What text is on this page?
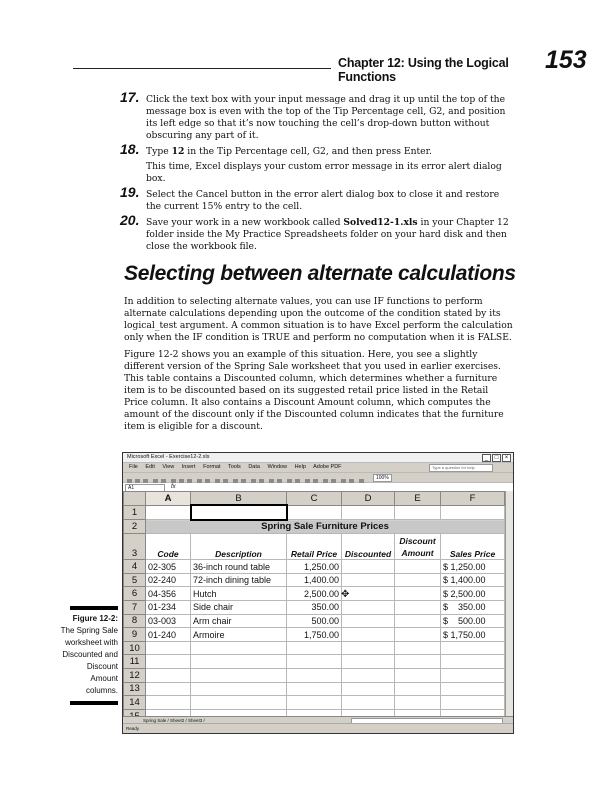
Chapter 12: Using the Logical Functions
153
17. Click the text box with your input message and drag it up until the top of the message box is even with the top of the Tip Percentage cell, G2, and position its left edge so that it’s now touching the cell’s drop-down button without obscuring any part of it.

18. Type 12 in the Tip Percentage cell, G2, and then press Enter.

This time, Excel displays your custom error message in its error alert dialog box.

19. Select the Cancel button in the error alert dialog box to close it and restore the current 15% entry to the cell.

20. Save your work in a new workbook called Solved12-1.xls in your Chapter 12 folder inside the My Practice Spreadsheets folder on your hard disk and then close the workbook file.

Selecting between alternate calculations

In addition to selecting alternate values, you can use IF functions to perform alternate calculations depending upon the outcome of the condition stated by its logical_test argument. A common situation is to have Excel perform the calculation only when the IF condition is TRUE and perform no computation when it is FALSE.

Figure 12-2 shows you an example of this situation. Here, you see a slightly different version of the Spring Sale worksheet that you used in earlier exercises. This table contains a Discounted column, which determines whether a furniture item is to be discounted based on its suggested retail price listed in the Retail Price column. It also contains a Discount Amount column, which computes the amount of the discount only if the Discounted column indicates that the furniture item is eligible for a discount.

Microsoft Excel - Exercise12-2.xls	_ □ ×
File Edit View Insert Format Tools Data Window Help Adobe PDF	Type a question for help
100%
A1	fx
	A	B	C	D	E	F
1						
2	Spring Sale Furniture Prices					
3	Code	Description	Retail Price	Discounted	Discount
Amount	Sales Price
4	02-305	36-inch round table	1,250.00			$ 1,250.00
5	02-240	72-inch dining table	1,400.00			$ 1,400.00
6	04-356	Hutch	2,500.00			$ 2,500.00
7	01-234	Side chair	350.00			$    350.00
8	03-003	Arm chair	500.00			$    500.00
9	01-240	Armoire	1,750.00			$ 1,750.00
10						
11						
12						
13						
14						

Spring Sale / Sheet2 / Sheet3 /
Ready
✥
Figure 12-2:
The Spring Sale worksheet with Discounted and Discount Amount columns.
